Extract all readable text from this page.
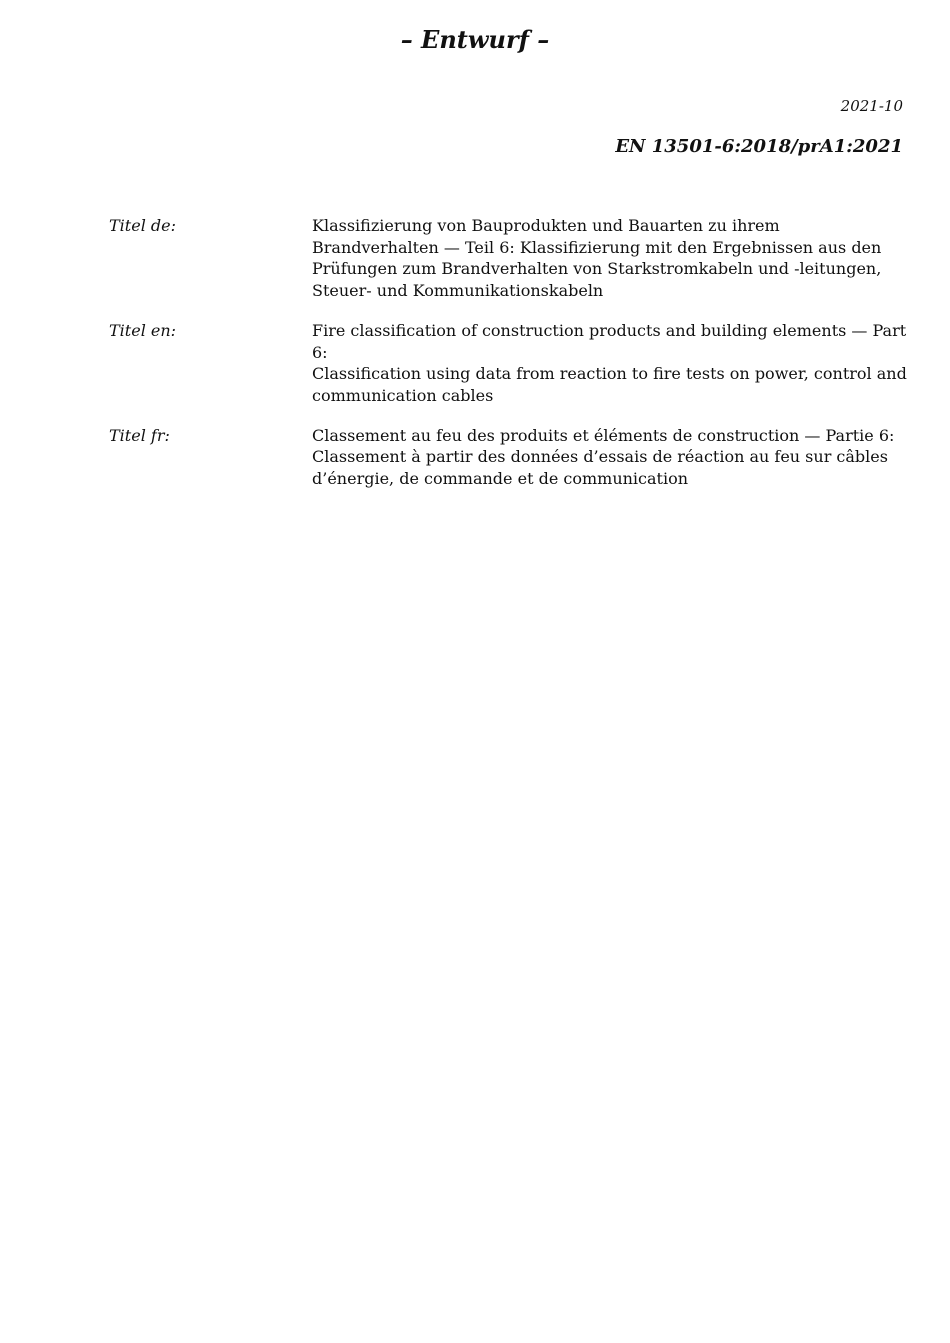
– Entwurf –
2021-10
EN 13501-6:2018/prA1:2021
Titel de:	Klassifizierung von Bauprodukten und Bauarten zu ihrem
Brandverhalten — Teil 6: Klassifizierung mit den Ergebnissen aus den
Prüfungen zum Brandverhalten von Starkstromkabeln und -leitungen,
Steuer- und Kommunikationskabeln
Titel en:	Fire classification of construction products and building elements — Part 6:
Classification using data from reaction to fire tests on power, control and
communication cables
Titel fr:	Classement au feu des produits et éléments de construction — Partie 6:
Classement à partir des données d’essais de réaction au feu sur câbles
d’énergie, de commande et de communication
